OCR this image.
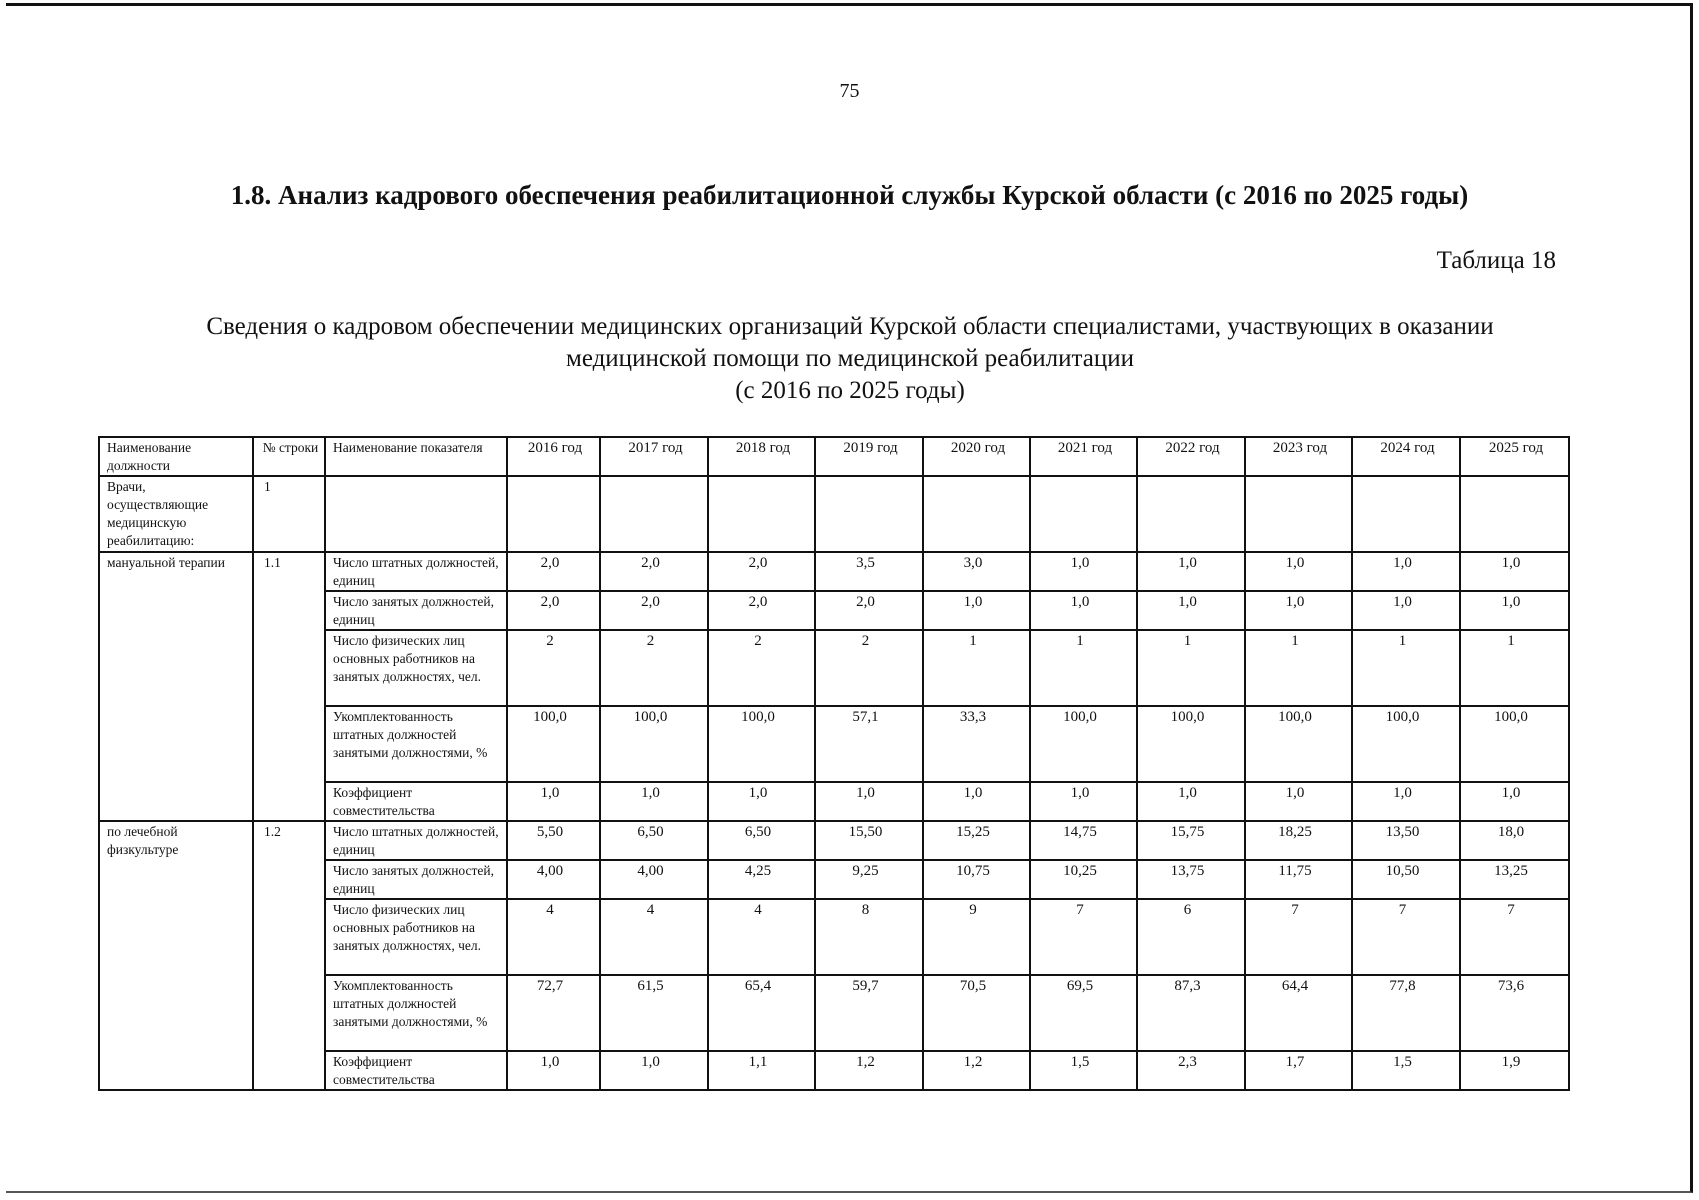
75
1.8. Анализ кадрового обеспечения реабилитационной службы Курской области (с 2016 по 2025 годы)
Таблица 18
Сведения о кадровом обеспечении медицинских организаций Курской области специалистами, участвующих в оказании
медицинской помощи по медицинской реабилитации
(с 2016 по 2025 годы)
Наименование должности	№ строки	Наименование показателя	2016 год	2017 год	2018 год	2019 год	2020 год	2021 год	2022 год	2023 год	2024 год	2025 год
Врачи, осуществляющие медицинскую реабилитацию:	1											
мануальной терапии	1.1	Число штатных должностей, единиц	2,0	2,0	2,0	3,5	3,0	1,0	1,0	1,0	1,0	1,0
		Число занятых должностей, единиц	2,0	2,0	2,0	2,0	1,0	1,0	1,0	1,0	1,0	1,0
		Число физических лиц основных работников на занятых должностях, чел.	2	2	2	2	1	1	1	1	1	1
		Укомплектованность штатных должностей занятыми должностями, %	100,0	100,0	100,0	57,1	33,3	100,0	100,0	100,0	100,0	100,0
		Коэффициент совместительства	1,0	1,0	1,0	1,0	1,0	1,0	1,0	1,0	1,0	1,0
по лечебной физкультуре	1.2	Число штатных должностей, единиц	5,50	6,50	6,50	15,50	15,25	14,75	15,75	18,25	13,50	18,0
		Число занятых должностей, единиц	4,00	4,00	4,25	9,25	10,75	10,25	13,75	11,75	10,50	13,25
		Число физических лиц основных работников на занятых должностях, чел.	4	4	4	8	9	7	6	7	7	7
		Укомплектованность штатных должностей занятыми должностями, %	72,7	61,5	65,4	59,7	70,5	69,5	87,3	64,4	77,8	73,6
		Коэффициент совместительства	1,0	1,0	1,1	1,2	1,2	1,5	2,3	1,7	1,5	1,9
